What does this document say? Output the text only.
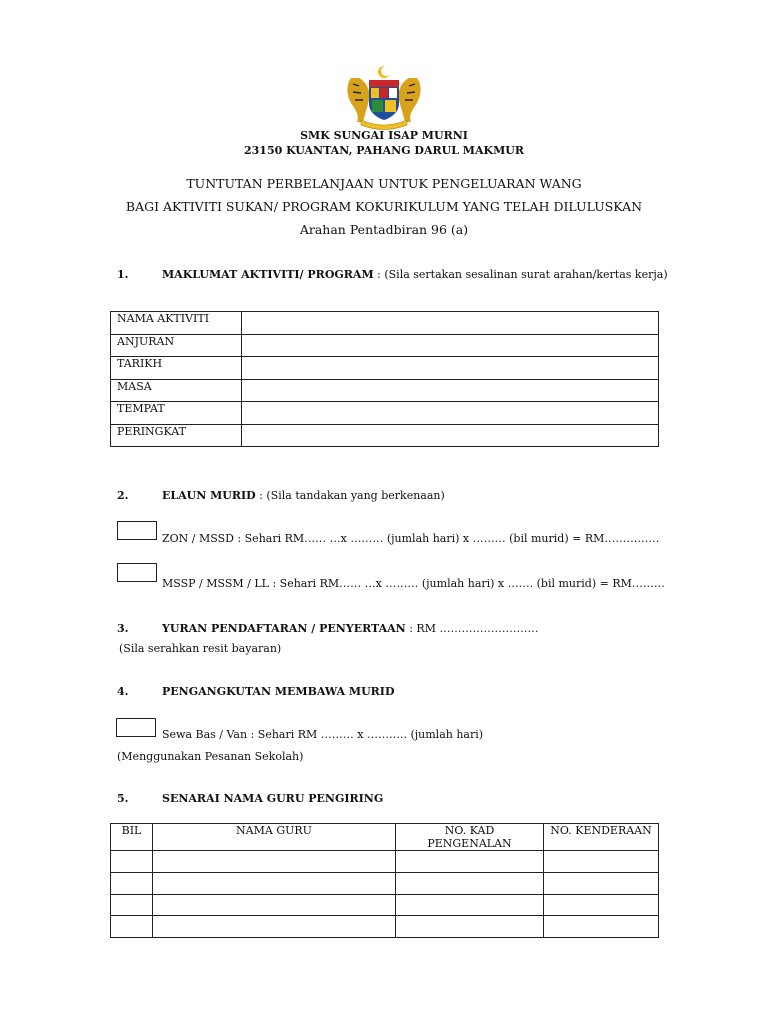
SMK SUNGAI ISAP MURNI
23150 KUANTAN, PAHANG DARUL MAKMUR
TUNTUTAN PERBELANJAAN UNTUK PENGELUARAN WANG
BAGI AKTIVITI SUKAN/ PROGRAM KOKURIKULUM YANG TELAH DILULUSKAN
Arahan Pentadbiran 96 (a)
1.	MAKLUMAT AKTIVITI/ PROGRAM : (Sila sertakan sesalinan surat arahan/kertas kerja)
NAMA AKTIVITI	
ANJURAN	
TARIKH	
MASA	
TEMPAT	
PERINGKAT	
2.	ELAUN MURID : (Sila tandakan yang berkenaan)
ZON / MSSD : Sehari RM…… …x ……… (jumlah hari) x ……… (bil murid) = RM……………
MSSP / MSSM / LL : Sehari RM…… …x ……… (jumlah hari) x ……. (bil murid) = RM………
3.	YURAN PENDAFTARAN / PENYERTAAN : RM ………………………
(Sila serahkan resit bayaran)
4.	PENGANGKUTAN MEMBAWA MURID
Sewa Bas / Van : Sehari RM ……… x ……….. (jumlah hari)
(Menggunakan Pesanan Sekolah)
5.	SENARAI NAMA GURU PENGIRING
BIL	NAMA GURU	NO. KAD PENGENALAN	NO. KENDERAAN
